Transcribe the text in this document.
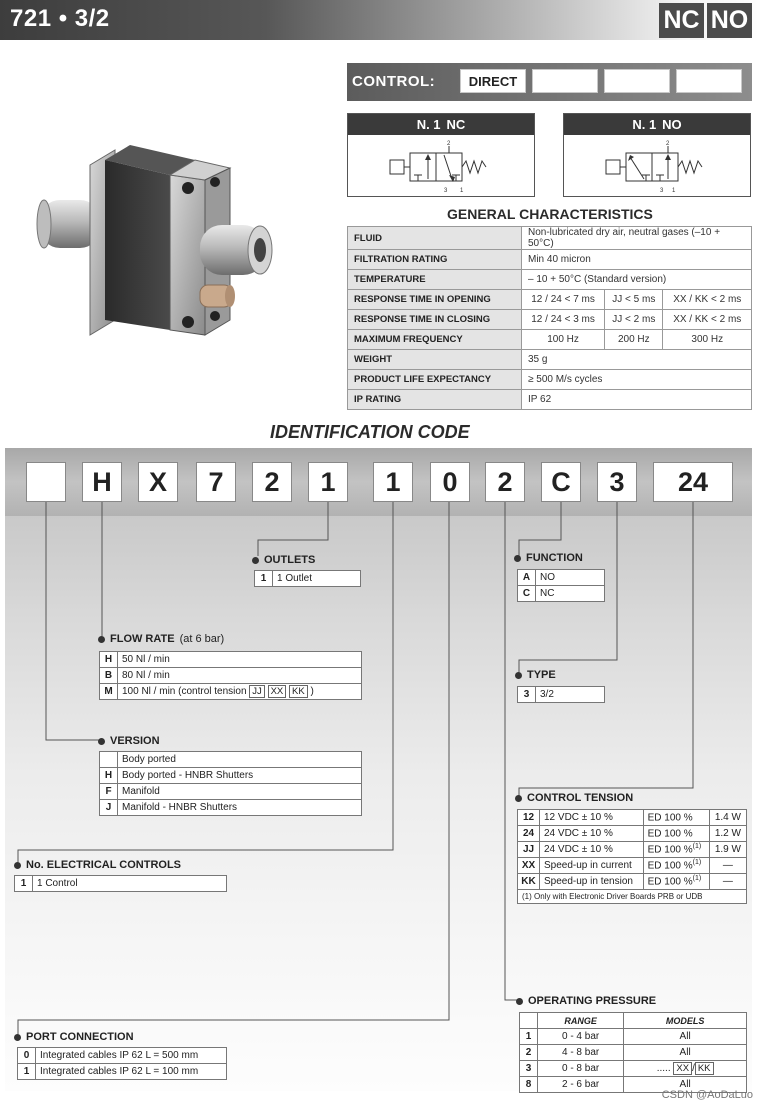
721 • 3/2	NC NO
CONTROL:	DIRECT
N. 1 NC
2
3 1
N. 1 NO
2
3 1
GENERAL CHARACTERISTICS
FLUID	Non-lubricated dry air, neutral gases (–10 + 50°C)		
FILTRATION RATING	Min 40 micron		
TEMPERATURE	– 10 + 50°C (Standard version)		
RESPONSE TIME IN OPENING	12 / 24 < 7 ms	JJ < 5 ms	XX / KK < 2 ms
RESPONSE TIME IN CLOSING	12 / 24 < 3 ms	JJ < 2 ms	XX / KK < 2 ms
MAXIMUM FREQUENCY	100 Hz	200 Hz	300 Hz
WEIGHT	35 g		
PRODUCT LIFE EXPECTANCY	≥ 500 M/s cycles		
IP RATING	IP 62		
IDENTIFICATION CODE
H	X	7	2	1	1	0	2	C	3	24
OUTLETS
1	1 Outlet
FUNCTION
A	NO
C	NC
FLOW RATE (at 6 bar)
H	50 Nl / min
B	80 Nl / min
M	100 Nl / min (control tension JJ XX KK )
TYPE
3	3/2
VERSION
	Body ported
H	Body ported - HNBR Shutters
F	Manifold
J	Manifold - HNBR Shutters
CONTROL TENSION
12	12 VDC ± 10 %	ED 100 %	1.4 W
24	24 VDC ± 10 %	ED 100 %	1.2 W
JJ	24 VDC ± 10 %	ED 100 %$^{(1)}$	1.9 W
XX	Speed-up in current	ED 100 %$^{(1)}$	—
KK	Speed-up in tension	ED 100 %$^{(1)}$	—
(1) Only with Electronic Driver Boards PRB or UDB			
No. ELECTRICAL CONTROLS
1	1 Control
OPERATING PRESSURE
	RANGE	MODELS
1	0 - 4 bar	All
2	4 - 8 bar	All
3	0 - 8 bar	..... XX / KK
8	2 - 6 bar	All
PORT CONNECTION
0	Integrated cables IP 62 L = 500 mm
1	Integrated cables IP 62 L = 100 mm
CSDN @AoDaLuo
